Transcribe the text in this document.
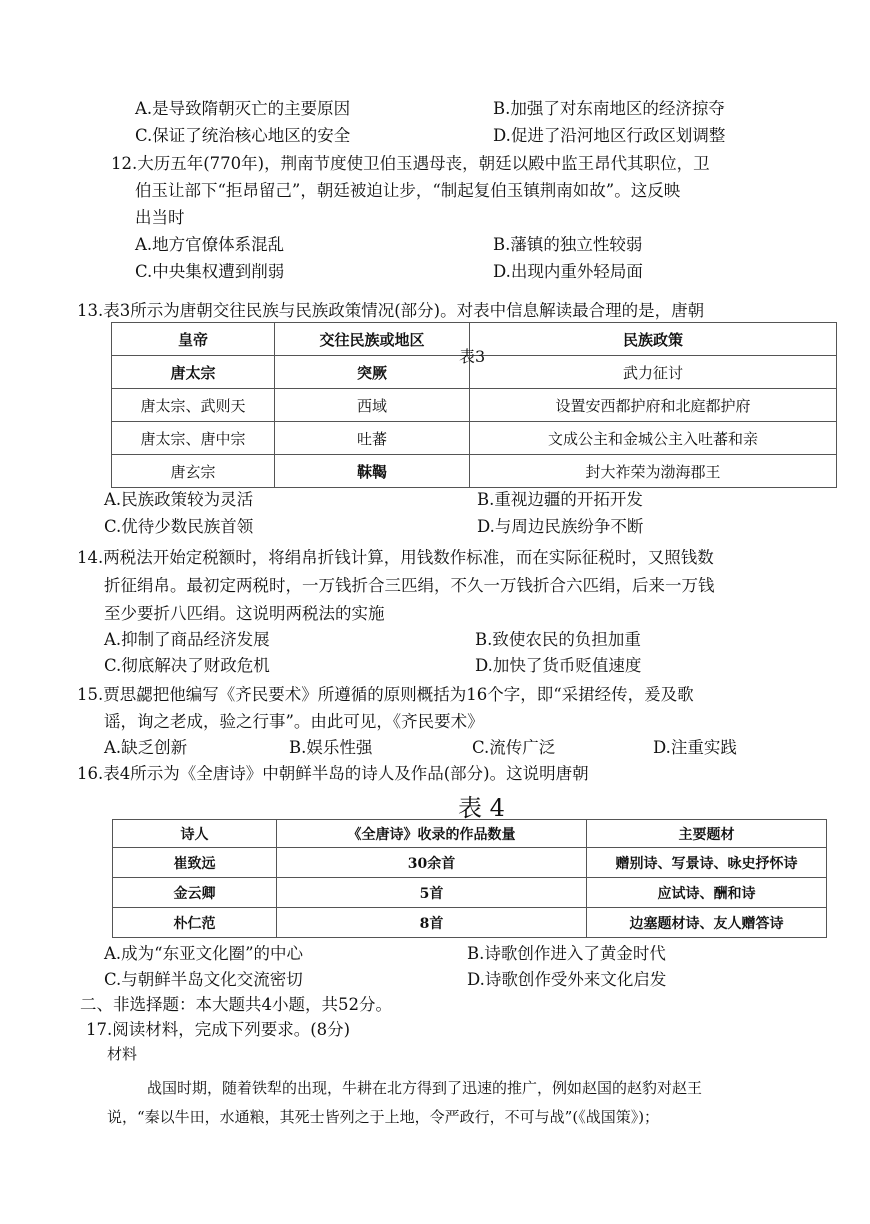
A.是导致隋朝灭亡的主要原因	B.加强了对东南地区的经济掠夺
C.保证了统治核心地区的安全	D.促进了沿河地区行政区划调整
12.大历五年(770年)，荆南节度使卫伯玉遇母丧，朝廷以殿中监王昂代其职位，卫
伯玉让部下“拒昂留己”，朝廷被迫让步，“制起复伯玉镇荆南如故”。这反映
出当时
A.地方官僚体系混乱	B.藩镇的独立性较弱
C.中央集权遭到削弱	D.出现内重外轻局面
13.表3所示为唐朝交往民族与民族政策情况(部分)。对表中信息解读最合理的是，唐朝
皇帝	交往民族或地区	民族政策
唐太宗	突厥	武力征讨
唐太宗、武则天	西域	设置安西都护府和北庭都护府
唐太宗、唐中宗	吐蕃	文成公主和金城公主入吐蕃和亲
唐玄宗	靺鞨	封大祚荣为渤海郡王
表3
A.民族政策较为灵活	B.重视边疆的开拓开发
C.优待少数民族首领	D.与周边民族纷争不断
14.两税法开始定税额时，将绢帛折钱计算，用钱数作标准，而在实际征税时，又照钱数
折征绢帛。最初定两税时，一万钱折合三匹绢，不久一万钱折合六匹绢，后来一万钱
至少要折八匹绢。这说明两税法的实施
A.抑制了商品经济发展	B.致使农民的负担加重
C.彻底解决了财政危机	D.加快了货币贬值速度
15.贾思勰把他编写《齐民要术》所遵循的原则概括为16个字，即“采捃经传，爰及歌
谣，询之老成，验之行事”。由此可见，《齐民要术》
A.缺乏创新	B.娱乐性强	C.流传广泛	D.注重实践
16.表4所示为《全唐诗》中朝鲜半岛的诗人及作品(部分)。这说明唐朝
表 4
诗人	《全唐诗》收录的作品数量	主要题材
崔致远	30余首	赠别诗、写景诗、咏史抒怀诗
金云卿	5首	应试诗、酬和诗
朴仁范	8首	边塞题材诗、友人赠答诗
A.成为“东亚文化圈”的中心	B.诗歌创作进入了黄金时代
C.与朝鲜半岛文化交流密切	D.诗歌创作受外来文化启发
二、非选择题：本大题共4小题，共52分。
17.阅读材料，完成下列要求。(8分)
材料
战国时期，随着铁犁的出现，牛耕在北方得到了迅速的推广，例如赵国的赵豹对赵王
说，“秦以牛田，水通粮，其死士皆列之于上地，令严政行，不可与战”(《战国策》)；
